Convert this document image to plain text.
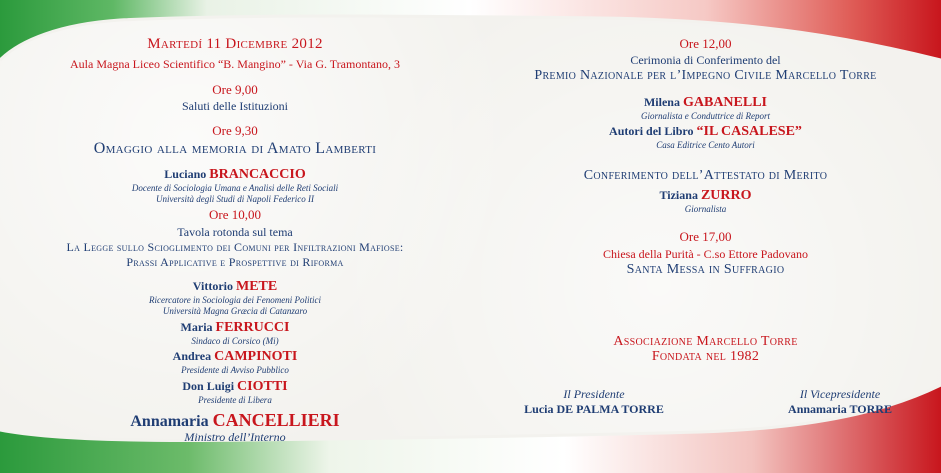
Martedí 11 Dicembre 2012
Aula Magna Liceo Scientifico “B. Mangino” - Via G. Tramontano, 3
Ore 9,00
Saluti delle Istituzioni
Ore 9,30
Omaggio alla memoria di Amato Lamberti
Luciano BRANCACCIO
Docente di Sociologia Umana e Analisi delle Reti Sociali
Università degli Studi di Napoli Federico II
Ore 10,00
Tavola rotonda sul tema
La Legge sullo Scioglimento dei Comuni per Infiltrazioni Mafiose:
Prassi Applicative e Prospettive di Riforma
Vittorio METE
Ricercatore in Sociologia dei Fenomeni Politici
Università Magna Græcia di Catanzaro
Maria FERRUCCI
Sindaco di Corsico (Mi)
Andrea CAMPINOTI
Presidente di Avviso Pubblico
Don Luigi CIOTTI
Presidente di Libera
Annamaria CANCELLIERI
Ministro dell’Interno
Ore 12,00
Cerimonia di Conferimento del
Premio Nazionale per l’Impegno Civile Marcello Torre
Milena GABANELLI
Giornalista e Conduttrice di Report
Autori del Libro “IL CASALESE”
Casa Editrice Cento Autori
Conferimento dell’Attestato di Merito
Tiziana ZURRO
Giornalista
Ore 17,00
Chiesa della Purità - C.so Ettore Padovano
Santa Messa in Suffragio
Associazione Marcello Torre
Fondata nel 1982
Il Presidente
Lucia DE PALMA TORRE
Il Vicepresidente
Annamaria TORRE
